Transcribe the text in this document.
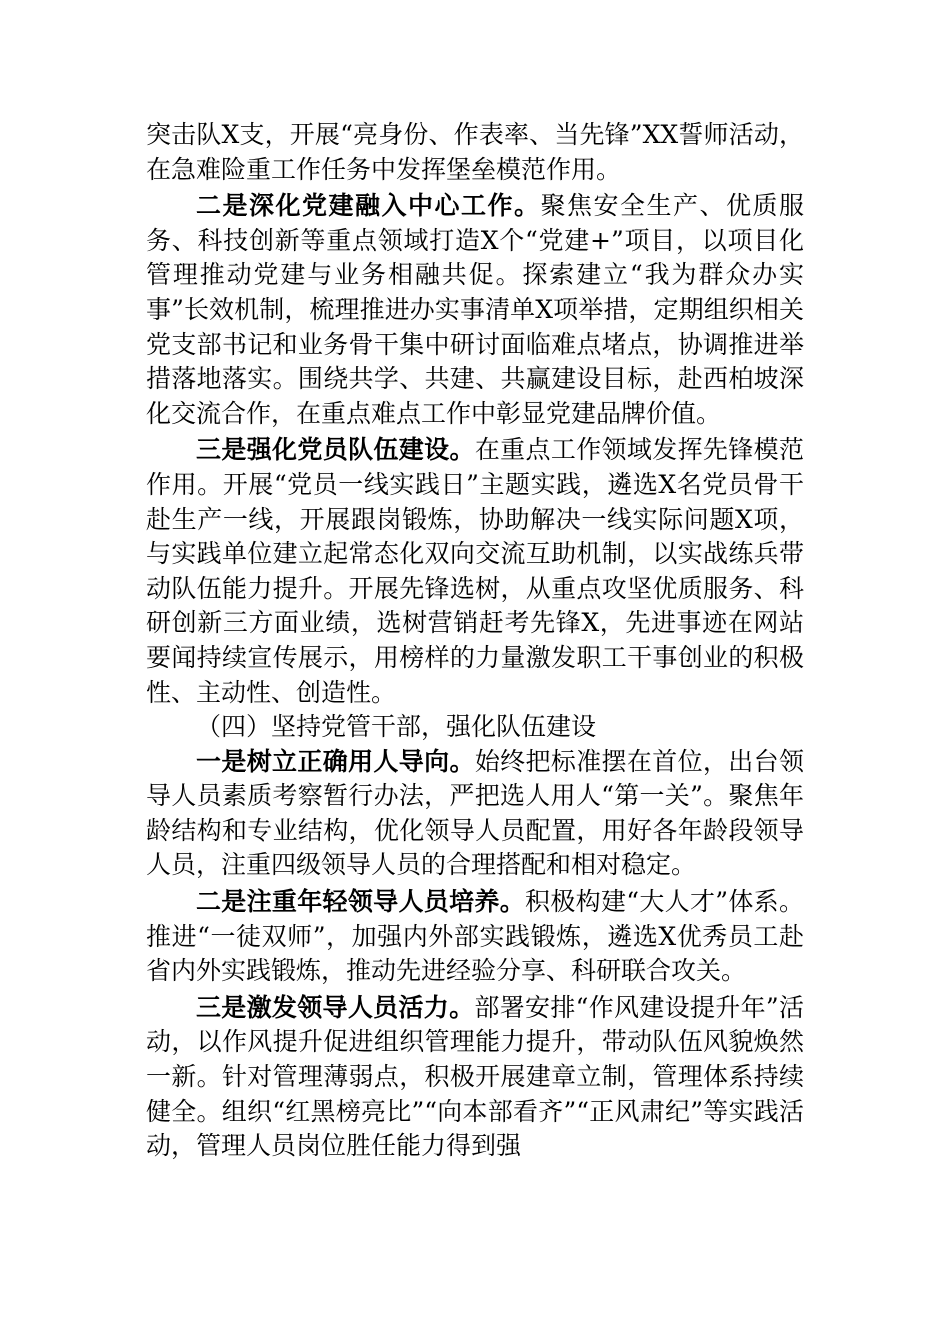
突击队X支，开展“亮身份、作表率、当先锋”XX誓师活动，在急难险重工作任务中发挥堡垒模范作用。

二是深化党建融入中心工作。聚焦安全生产、优质服务、科技创新等重点领域打造X个“党建+”项目，以项目化管理推动党建与业务相融共促。探索建立“我为群众办实事”长效机制，梳理推进办实事清单X项举措，定期组织相关党支部书记和业务骨干集中研讨面临难点堵点，协调推进举措落地落实。围绕共学、共建、共赢建设目标，赴西柏坡深化交流合作，在重点难点工作中彰显党建品牌价值。

三是强化党员队伍建设。在重点工作领域发挥先锋模范作用。开展“党员一线实践日”主题实践，遴选X名党员骨干赴生产一线，开展跟岗锻炼，协助解决一线实际问题X项，与实践单位建立起常态化双向交流互助机制，以实战练兵带动队伍能力提升。开展先锋选树，从重点攻坚优质服务、科研创新三方面业绩，选树营销赶考先锋X，先进事迹在网站要闻持续宣传展示，用榜样的力量激发职工干事创业的积极性、主动性、创造性。

（四）坚持党管干部，强化队伍建设

一是树立正确用人导向。始终把标准摆在首位，出台领导人员素质考察暂行办法，严把选人用人“第一关”。聚焦年龄结构和专业结构，优化领导人员配置，用好各年龄段领导人员，注重四级领导人员的合理搭配和相对稳定。

二是注重年轻领导人员培养。积极构建“大人才”体系。推进“一徒双师”，加强内外部实践锻炼，遴选X优秀员工赴省内外实践锻炼，推动先进经验分享、科研联合攻关。

三是激发领导人员活力。部署安排“作风建设提升年”活动，以作风提升促进组织管理能力提升，带动队伍风貌焕然一新。针对管理薄弱点，积极开展建章立制，管理体系持续健全。组织“红黑榜亮比”“向本部看齐”“正风肃纪”等实践活动，管理人员岗位胜任能力得到强
